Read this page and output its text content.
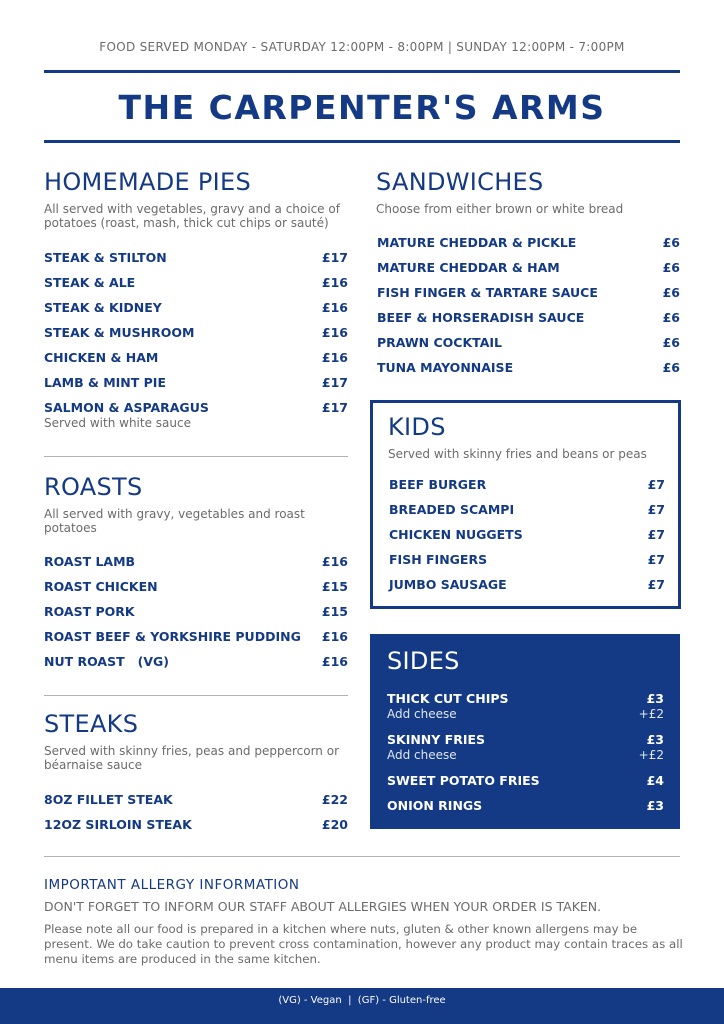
FOOD SERVED MONDAY - SATURDAY 12:00PM - 8:00PM | SUNDAY 12:00PM - 7:00PM
THE CARPENTER'S ARMS
HOMEMADE PIES
All served with vegetables, gravy and a choice of potatoes (roast, mash, thick cut chips or sauté)
STEAK & STILTON	£17
STEAK & ALE	£16
STEAK & KIDNEY	£16
STEAK & MUSHROOM	£16
CHICKEN & HAM	£16
LAMB & MINT PIE	£17
SALMON & ASPARAGUS	£17
Served with white sauce
ROASTS
All served with gravy, vegetables and roast potatoes
ROAST LAMB	£16
ROAST CHICKEN	£15
ROAST PORK	£15
ROAST BEEF & YORKSHIRE PUDDING £16
NUT ROAST   (VG)	£16
STEAKS
Served with skinny fries, peas and peppercorn or béarnaise sauce
8OZ FILLET STEAK	£22
12OZ SIRLOIN STEAK	£20
SANDWICHES
Choose from either brown or white bread
MATURE CHEDDAR & PICKLE	£6
MATURE CHEDDAR & HAM	£6
FISH FINGER & TARTARE SAUCE	£6
BEEF & HORSERADISH SAUCE	£6
PRAWN COCKTAIL	£6
TUNA MAYONNAISE	£6
KIDS
Served with skinny fries and beans or peas
BEEF BURGER	£7
BREADED SCAMPI	£7
CHICKEN NUGGETS	£7
FISH FINGERS	£7
JUMBO SAUSAGE	£7
SIDES
THICK CUT CHIPS	£3
Add cheese	+£2
SKINNY FRIES	£3
Add cheese	+£2
SWEET POTATO FRIES	£4
ONION RINGS	£3
IMPORTANT ALLERGY INFORMATION
DON'T FORGET TO INFORM OUR STAFF ABOUT ALLERGIES WHEN YOUR ORDER IS TAKEN.
Please note all our food is prepared in a kitchen where nuts, gluten & other known allergens may be present. We do take caution to prevent cross contamination, however any product may contain traces as all menu items are produced in the same kitchen.
(VG) - Vegan  |  (GF) - Gluten-free
